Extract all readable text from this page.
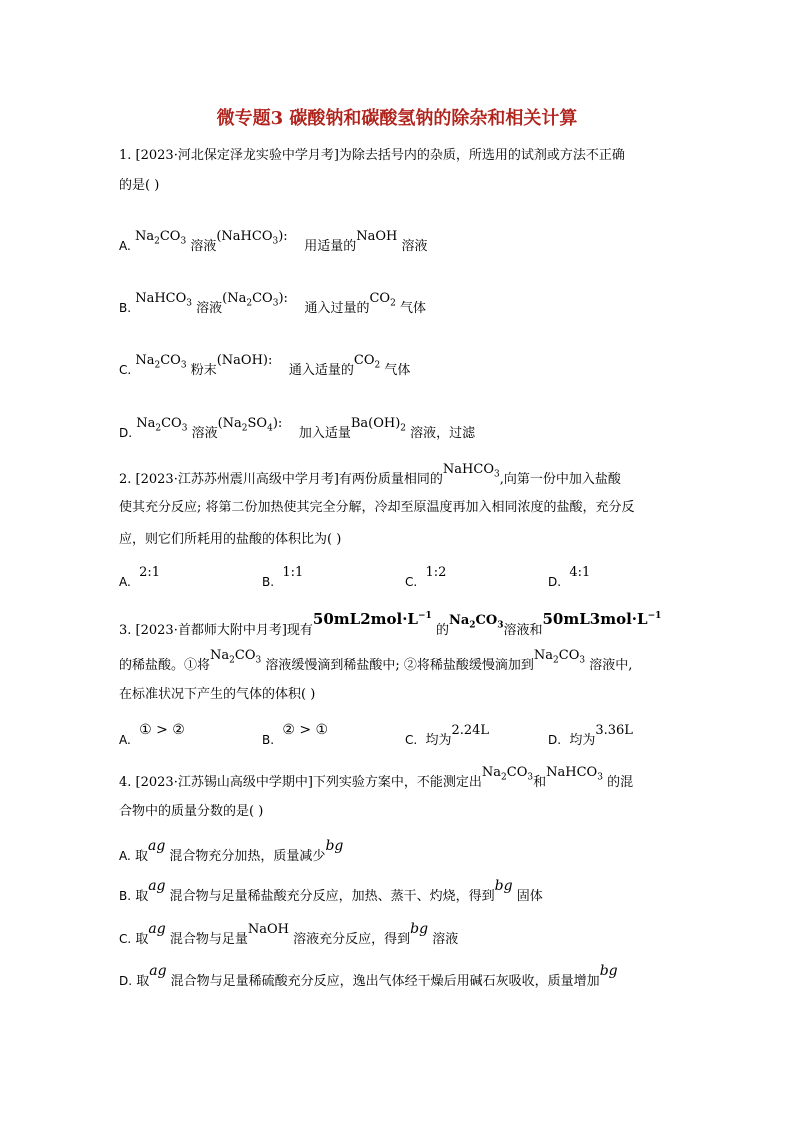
微专题3 碳酸钠和碳酸氢钠的除杂和相关计算
1. [2023·河北保定泽龙实验中学月考]为除去括号内的杂质，所选用的试剂或方法不正确
的是( )
A. $Na_2CO_3$ 溶液(NaHCO$_3$):    用适量的NaOH 溶液
B. NaHCO$_3$ 溶液$(Na_2CO_3)$:    通入过量的$CO_2$ 气体
C. $Na_2CO_3$ 粉末(NaOH):    通入适量的$CO_2$ 气体
D. $Na_2CO_3$ 溶液$(Na_2SO_4)$:    加入适量$Ba(OH)_2$ 溶液，过滤
2. [2023·江苏苏州震川高级中学月考]有两份质量相同的NaHCO$_3$,向第一份中加入盐酸
使其充分反应; 将第二份加热使其完全分解，冷却至原温度再加入相同浓度的盐酸，充分反
应，则它们所耗用的盐酸的体积比为( )
A.  2:1
B.  1:1
C.  1:2
D.  4:1
3. [2023·首都师大附中月考]现有$50mL2mol\cdot L^{-1}$ 的$Na_2CO_3$溶液和$50mL3mol\cdot L^{-1}$
的稀盐酸。①将$Na_2CO_3$ 溶液缓慢滴到稀盐酸中; ②将稀盐酸缓慢滴加到$Na_2CO_3$ 溶液中,
在标准状况下产生的气体的体积( )
A.  ① > ②
B.  ② > ①
C. 均为2.24L
D. 均为3.36L
4. [2023·江苏锡山高级中学期中]下列实验方案中，不能测定出$Na_2CO_3$和NaHCO$_3$ 的混
合物中的质量分数的是( )
A. 取ag 混合物充分加热，质量减少bg
B. 取ag 混合物与足量稀盐酸充分反应，加热、蒸干、灼烧，得到bg 固体
C. 取ag 混合物与足量NaOH 溶液充分反应，得到bg 溶液
D. 取ag 混合物与足量稀硫酸充分反应，逸出气体经干燥后用碱石灰吸收，质量增加bg
